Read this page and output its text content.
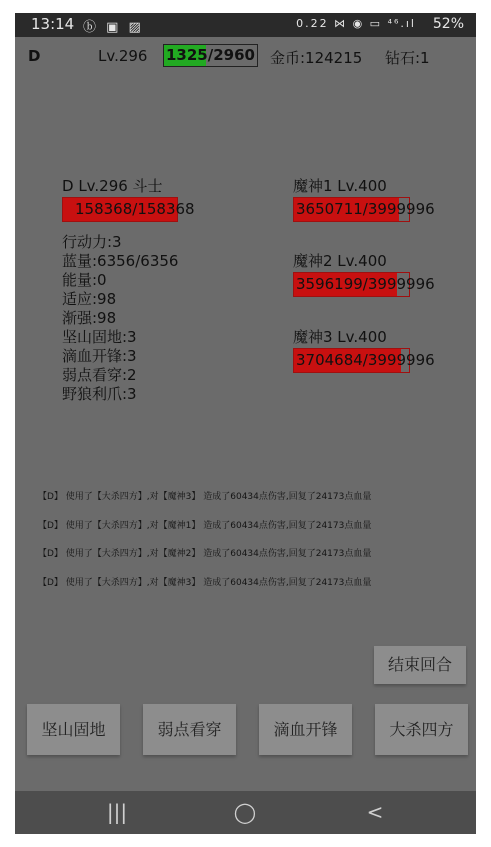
13:14 ⓑ ▣ ▨	0.22 ⋈ ◉ ▭ ⁴⁶.ıl 52%
D	Lv.296 1325/2960 金币:124215 钻石:1
D Lv.296 斗士
158368/158368
行动力:3
蓝量:6356/6356
能量:0
适应:98
渐强:98
坚山固地:3
滴血开锋:3
弱点看穿:2
野狼利爪:3
魔神1 Lv.400
3650711/3999996
魔神2 Lv.400
3596199/3999996
魔神3 Lv.400
3704684/3999996
【D】 使用了【大杀四方】,对【魔神3】 造成了60434点伤害,回复了24173点血量
【D】 使用了【大杀四方】,对【魔神1】 造成了60434点伤害,回复了24173点血量
【D】 使用了【大杀四方】,对【魔神2】 造成了60434点伤害,回复了24173点血量
【D】 使用了【大杀四方】,对【魔神3】 造成了60434点伤害,回复了24173点血量
结束回合
坚山固地	弱点看穿	滴血开锋	大杀四方
|||	◯	<
